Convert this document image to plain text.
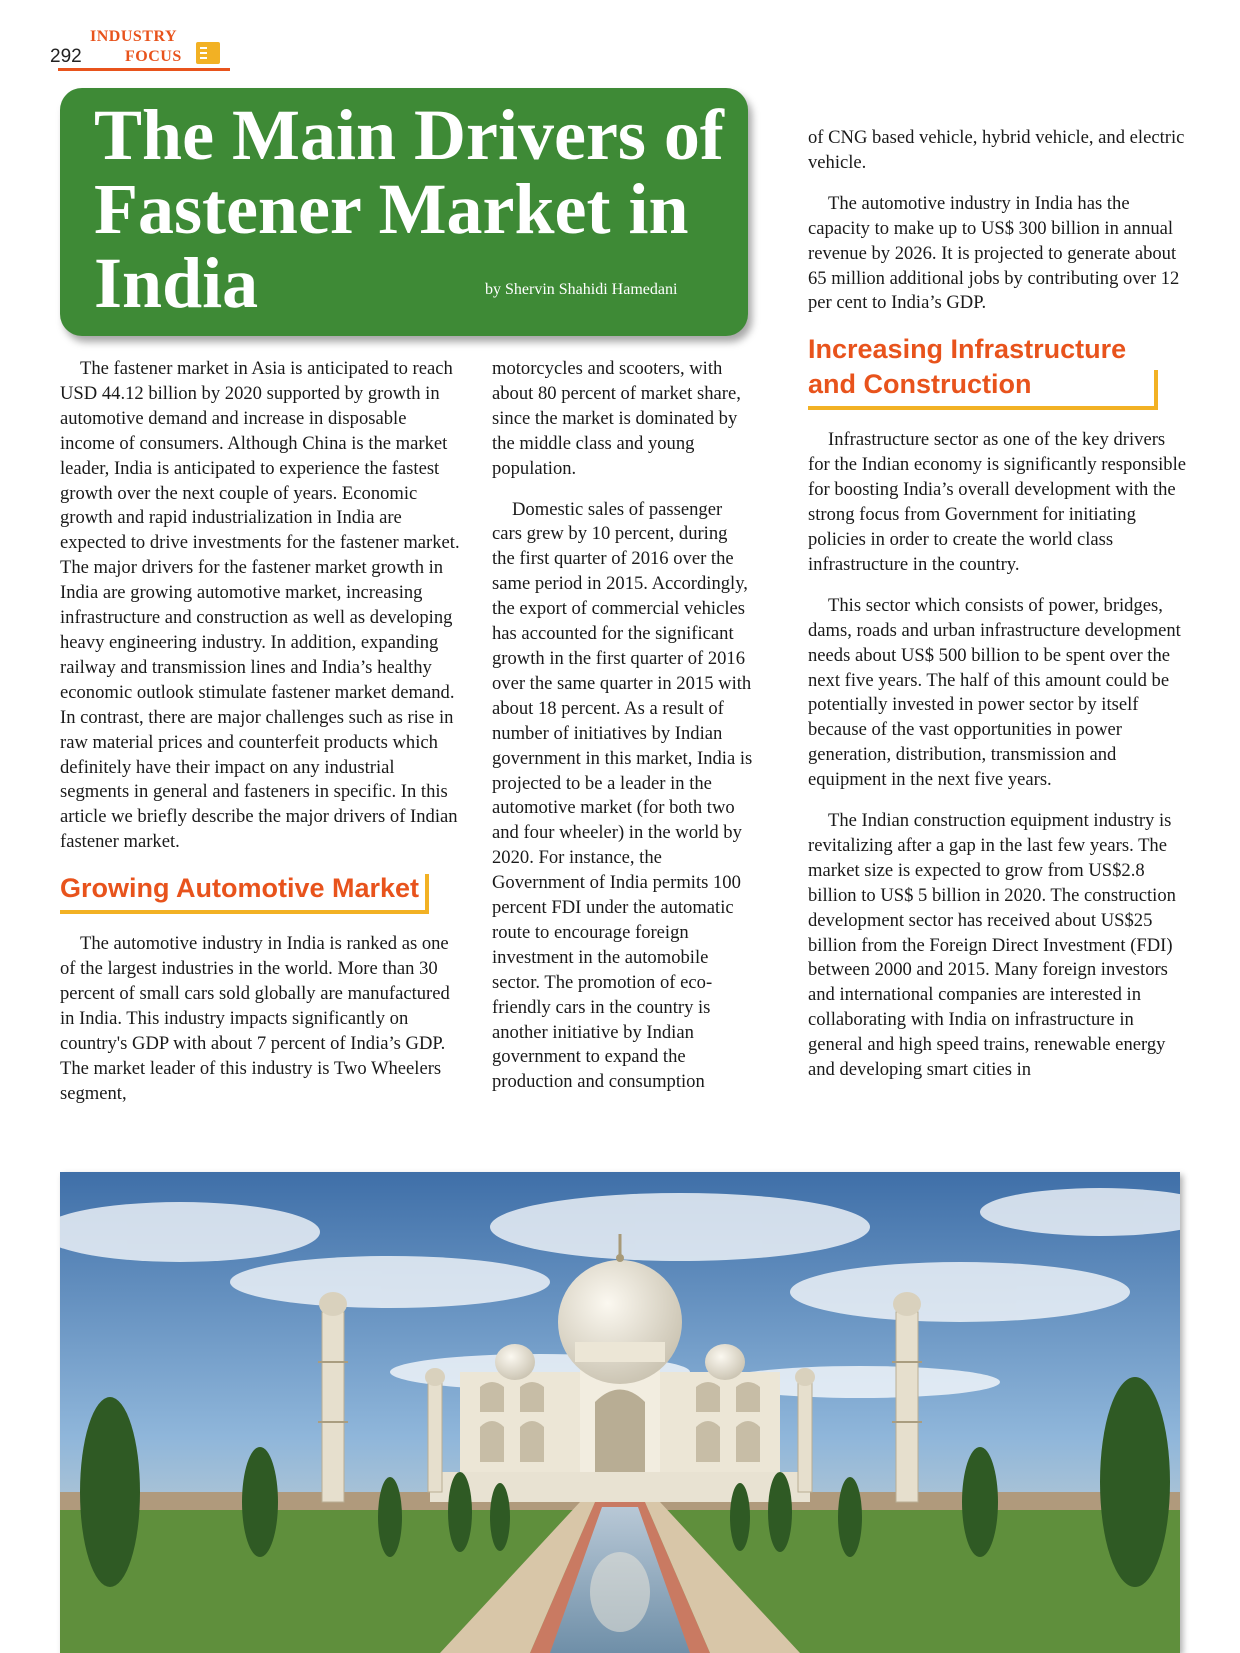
292
INDUSTRY
FOCUS
The Main Drivers of Fastener Market in India	by Shervin Shahidi Hamedani

The fastener market in Asia is anticipated to reach USD 44.12 billion by 2020 supported by growth in automotive demand and increase in disposable income of consumers. Although China is the market leader, India is anticipated to experience the fastest growth over the next couple of years. Economic growth and rapid industrialization in India are expected to drive investments for the fastener market. The major drivers for the fastener market growth in India are growing automotive market, increasing infrastructure and construction as well as developing heavy engineering industry. In addition, expanding railway and transmission lines and India’s healthy economic outlook stimulate fastener market demand. In contrast, there are major challenges such as rise in raw material prices and counterfeit products which definitely have their impact on any industrial segments in general and fasteners in specific. In this article we briefly describe the major drivers of Indian fastener market.

Growing Automotive Market

The automotive industry in India is ranked as one of the largest industries in the world. More than 30 percent of small cars sold globally are manufactured in India. This industry impacts significantly on country's GDP with about 7 percent of India’s GDP. The market leader of this industry is Two Wheelers segment,

motorcycles and scooters, with about 80 percent of market share, since the market is dominated by the middle class and young population.

Domestic sales of passenger cars grew by 10 percent, during the first quarter of 2016 over the same period in 2015. Accordingly, the export of commercial vehicles has accounted for the significant growth in the first quarter of 2016 over the same quarter in 2015 with about 18 percent. As a result of number of initiatives by Indian government in this market, India is projected to be a leader in the automotive market (for both two and four wheeler) in the world by 2020. For instance, the Government of India permits 100 percent FDI under the automatic route to encourage foreign investment in the automobile sector. The promotion of eco-friendly cars in the country is another initiative by Indian government to expand the production and consumption

of CNG based vehicle, hybrid vehicle, and electric vehicle.

The automotive industry in India has the capacity to make up to US$ 300 billion in annual revenue by 2026. It is projected to generate about 65 million additional jobs by contributing over 12 per cent to India’s GDP.

Increasing Infrastructure and Construction

Infrastructure sector as one of the key drivers for the Indian economy is significantly responsible for boosting India’s overall development with the strong focus from Government for initiating policies in order to create the world class infrastructure in the country.

This sector which consists of power, bridges, dams, roads and urban infrastructure development needs about US$ 500 billion to be spent over the next five years. The half of this amount could be potentially invested in power sector by itself because of the vast opportunities in power generation, distribution, transmission and equipment in the next five years.

The Indian construction equipment industry is revitalizing after a gap in the last few years. The market size is expected to grow from US$2.8 billion to US$ 5 billion in 2020. The construction development sector has received about US$25 billion from the Foreign Direct Investment (FDI) between 2000 and 2015. Many foreign investors and international companies are interested in collaborating with India on infrastructure in general and high speed trains, renewable energy and developing smart cities in
